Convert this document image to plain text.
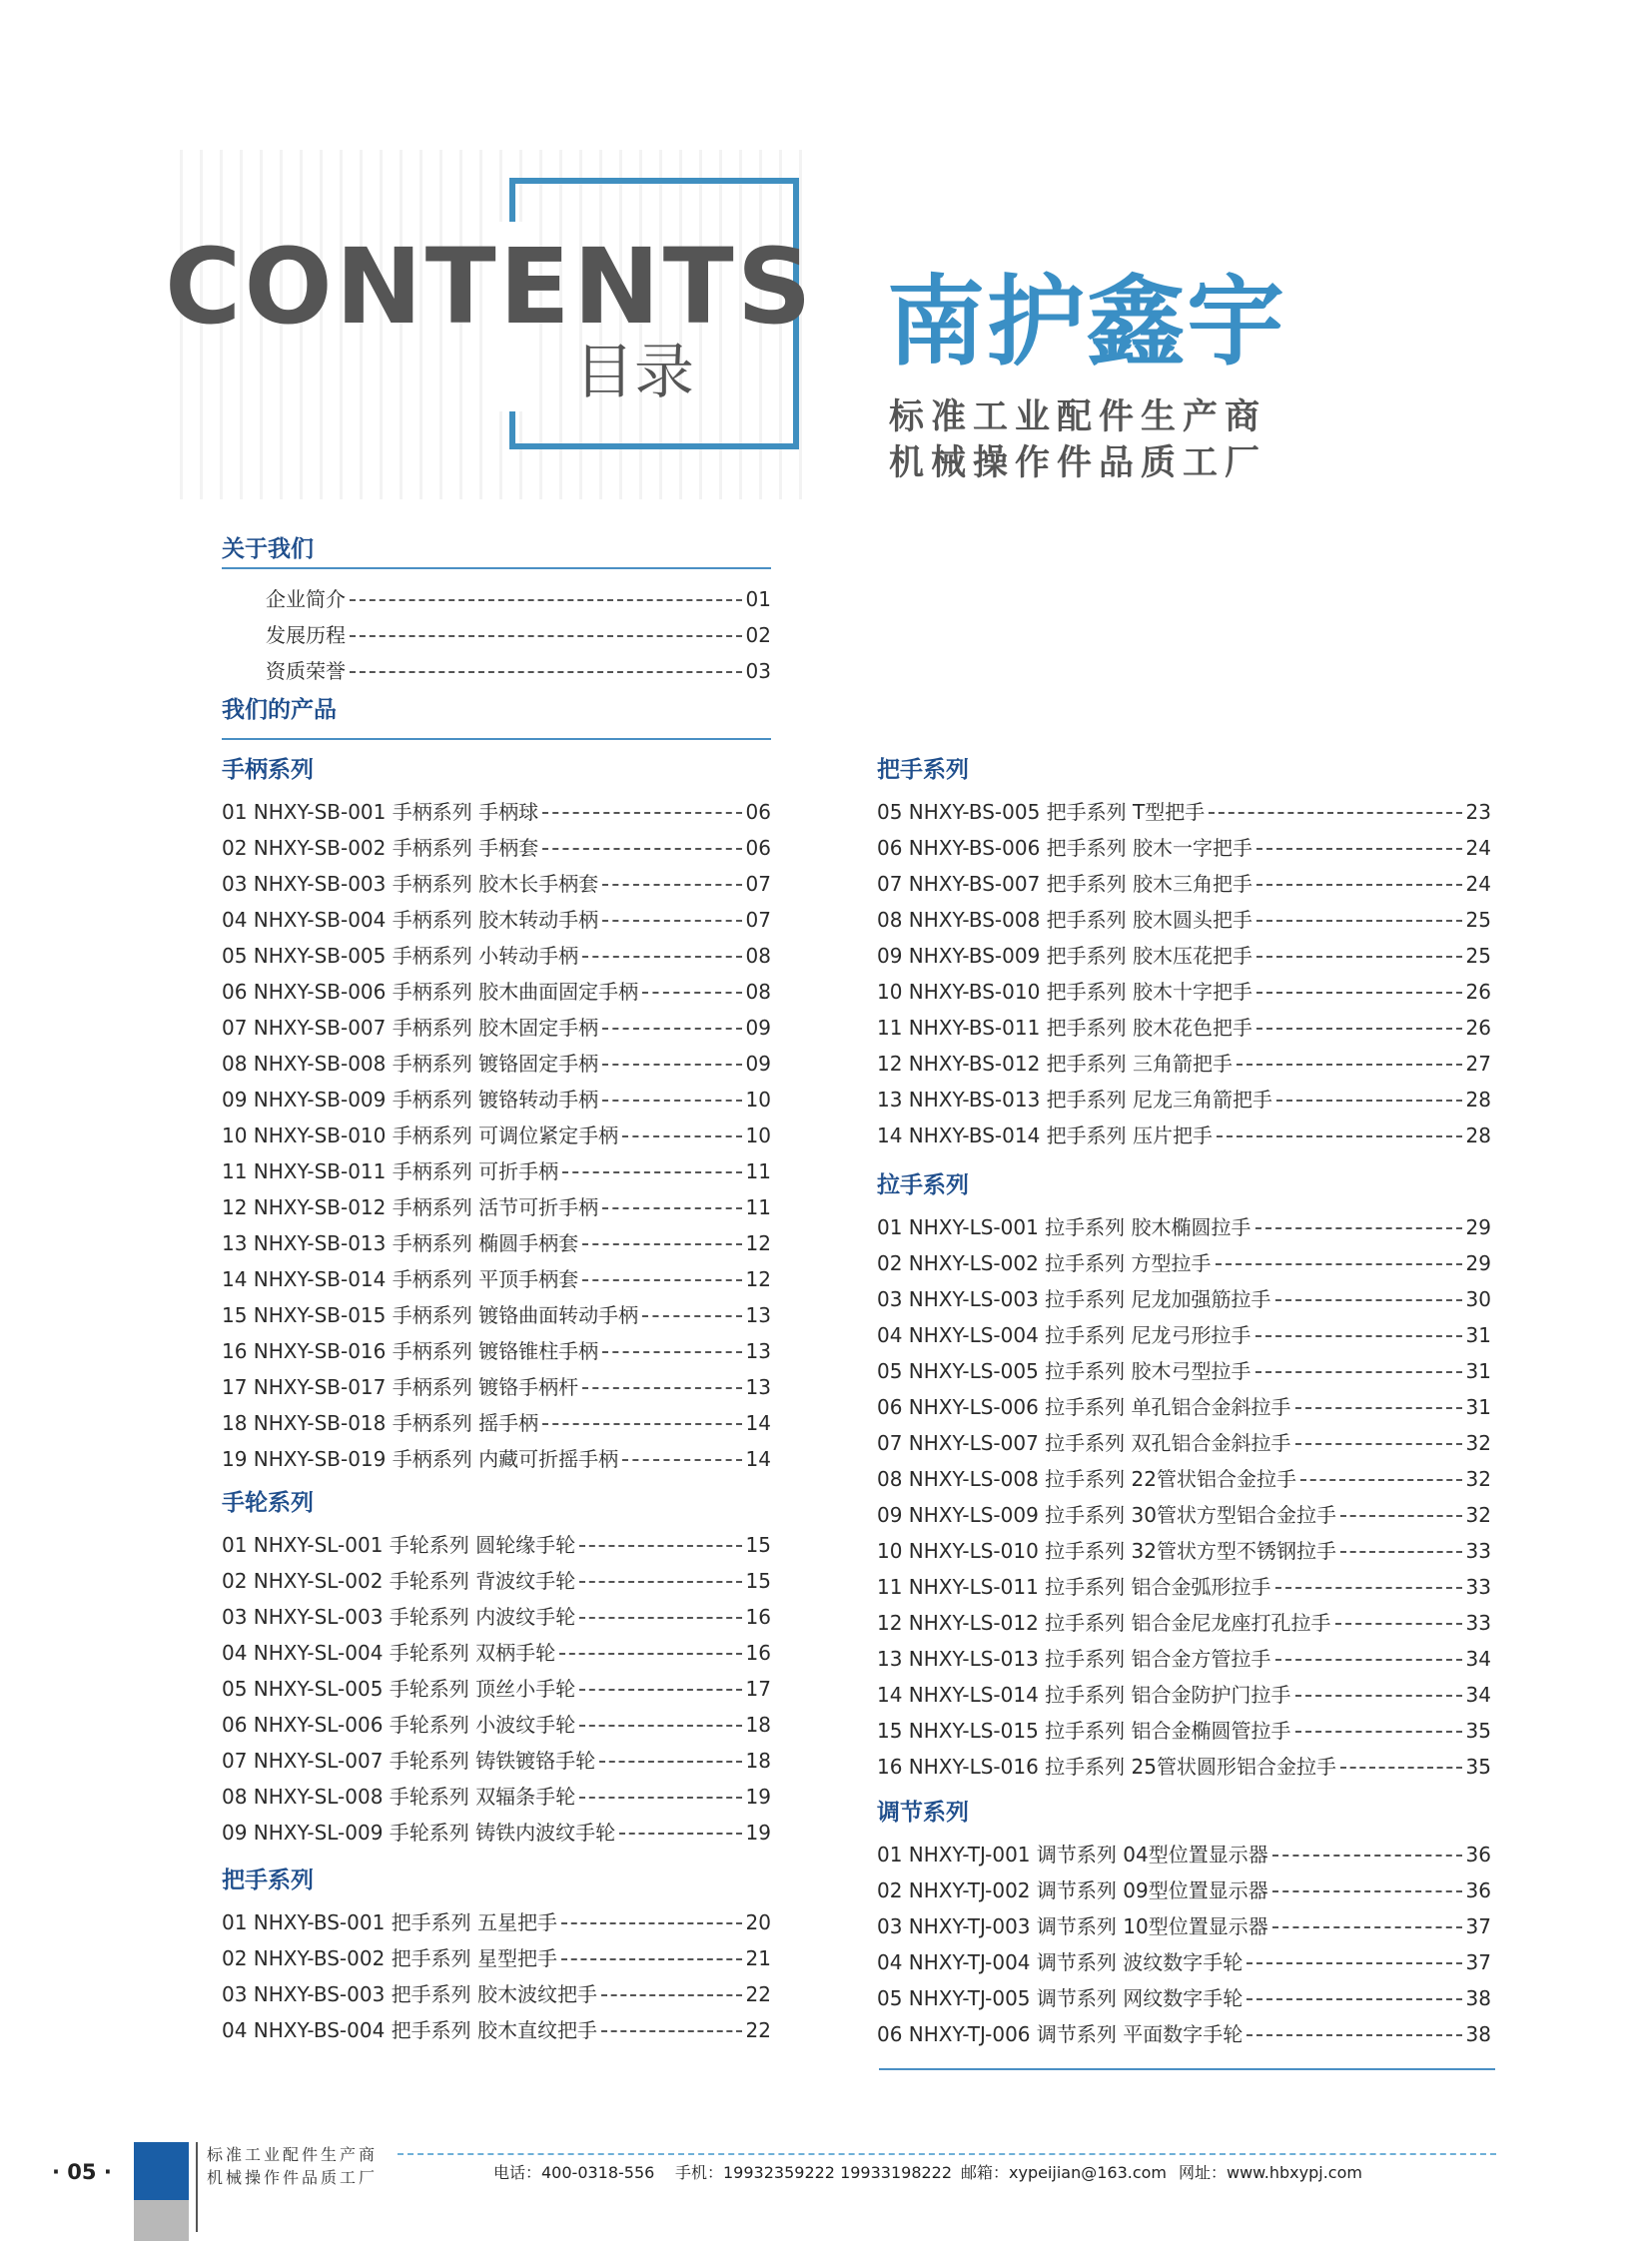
CONTENTS
目录 南护鑫宇
标准工业配件生产商
机械操作件品质工厂
关于我们
企业简介	01
发展历程	02
资质荣誉	03
我们的产品
手柄系列
01 NHXY-SB-001 手柄系列 手柄球	06
02 NHXY-SB-002 手柄系列 手柄套	06
03 NHXY-SB-003 手柄系列 胶木长手柄套	07
04 NHXY-SB-004 手柄系列 胶木转动手柄	07
05 NHXY-SB-005 手柄系列 小转动手柄	08
06 NHXY-SB-006 手柄系列 胶木曲面固定手柄	08
07 NHXY-SB-007 手柄系列 胶木固定手柄	09
08 NHXY-SB-008 手柄系列 镀铬固定手柄	09
09 NHXY-SB-009 手柄系列 镀铬转动手柄	10
10 NHXY-SB-010 手柄系列 可调位紧定手柄	10
11 NHXY-SB-011 手柄系列 可折手柄	11
12 NHXY-SB-012 手柄系列 活节可折手柄	11
13 NHXY-SB-013 手柄系列 椭圆手柄套	12
14 NHXY-SB-014 手柄系列 平顶手柄套	12
15 NHXY-SB-015 手柄系列 镀铬曲面转动手柄	13
16 NHXY-SB-016 手柄系列 镀铬锥柱手柄	13
17 NHXY-SB-017 手柄系列 镀铬手柄杆	13
18 NHXY-SB-018 手柄系列 摇手柄	14
19 NHXY-SB-019 手柄系列 内藏可折摇手柄	14
手轮系列
01 NHXY-SL-001 手轮系列 圆轮缘手轮	15
02 NHXY-SL-002 手轮系列 背波纹手轮	15
03 NHXY-SL-003 手轮系列 内波纹手轮	16
04 NHXY-SL-004 手轮系列 双柄手轮	16
05 NHXY-SL-005 手轮系列 顶丝小手轮	17
06 NHXY-SL-006 手轮系列 小波纹手轮	18
07 NHXY-SL-007 手轮系列 铸铁镀铬手轮	18
08 NHXY-SL-008 手轮系列 双辐条手轮	19
09 NHXY-SL-009 手轮系列 铸铁内波纹手轮	19
把手系列
01 NHXY-BS-001 把手系列 五星把手	20
02 NHXY-BS-002 把手系列 星型把手	21
03 NHXY-BS-003 把手系列 胶木波纹把手	22
04 NHXY-BS-004 把手系列 胶木直纹把手	22
把手系列
05 NHXY-BS-005 把手系列 T型把手	23
06 NHXY-BS-006 把手系列 胶木一字把手	24
07 NHXY-BS-007 把手系列 胶木三角把手	24
08 NHXY-BS-008 把手系列 胶木圆头把手	25
09 NHXY-BS-009 把手系列 胶木压花把手	25
10 NHXY-BS-010 把手系列 胶木十字把手	26
11 NHXY-BS-011 把手系列 胶木花色把手	26
12 NHXY-BS-012 把手系列 三角箭把手	27
13 NHXY-BS-013 把手系列 尼龙三角箭把手	28
14 NHXY-BS-014 把手系列 压片把手	28
拉手系列
01 NHXY-LS-001 拉手系列 胶木椭圆拉手	29
02 NHXY-LS-002 拉手系列 方型拉手	29
03 NHXY-LS-003 拉手系列 尼龙加强筋拉手	30
04 NHXY-LS-004 拉手系列 尼龙弓形拉手	31
05 NHXY-LS-005 拉手系列 胶木弓型拉手	31
06 NHXY-LS-006 拉手系列 单孔铝合金斜拉手	31
07 NHXY-LS-007 拉手系列 双孔铝合金斜拉手	32
08 NHXY-LS-008 拉手系列 22管状铝合金拉手	32
09 NHXY-LS-009 拉手系列 30管状方型铝合金拉手	32
10 NHXY-LS-010 拉手系列 32管状方型不锈钢拉手	33
11 NHXY-LS-011 拉手系列 铝合金弧形拉手	33
12 NHXY-LS-012 拉手系列 铝合金尼龙座打孔拉手	33
13 NHXY-LS-013 拉手系列 铝合金方管拉手	34
14 NHXY-LS-014 拉手系列 铝合金防护门拉手	34
15 NHXY-LS-015 拉手系列 铝合金椭圆管拉手	35
16 NHXY-LS-016 拉手系列 25管状圆形铝合金拉手	35
调节系列
01 NHXY-TJ-001 调节系列 04型位置显示器	36
02 NHXY-TJ-002 调节系列 09型位置显示器	36
03 NHXY-TJ-003 调节系列 10型位置显示器	37
04 NHXY-TJ-004 调节系列 波纹数字手轮	37
05 NHXY-TJ-005 调节系列 网纹数字手轮	38
06 NHXY-TJ-006 调节系列 平面数字手轮	38
· 05 ·
标准工业配件生产商
机械操作件品质工厂	电话：400-0318-556 手机：19932359222 19933198222 邮箱：xypeijian@163.com 网址：www.hbxypj.com
